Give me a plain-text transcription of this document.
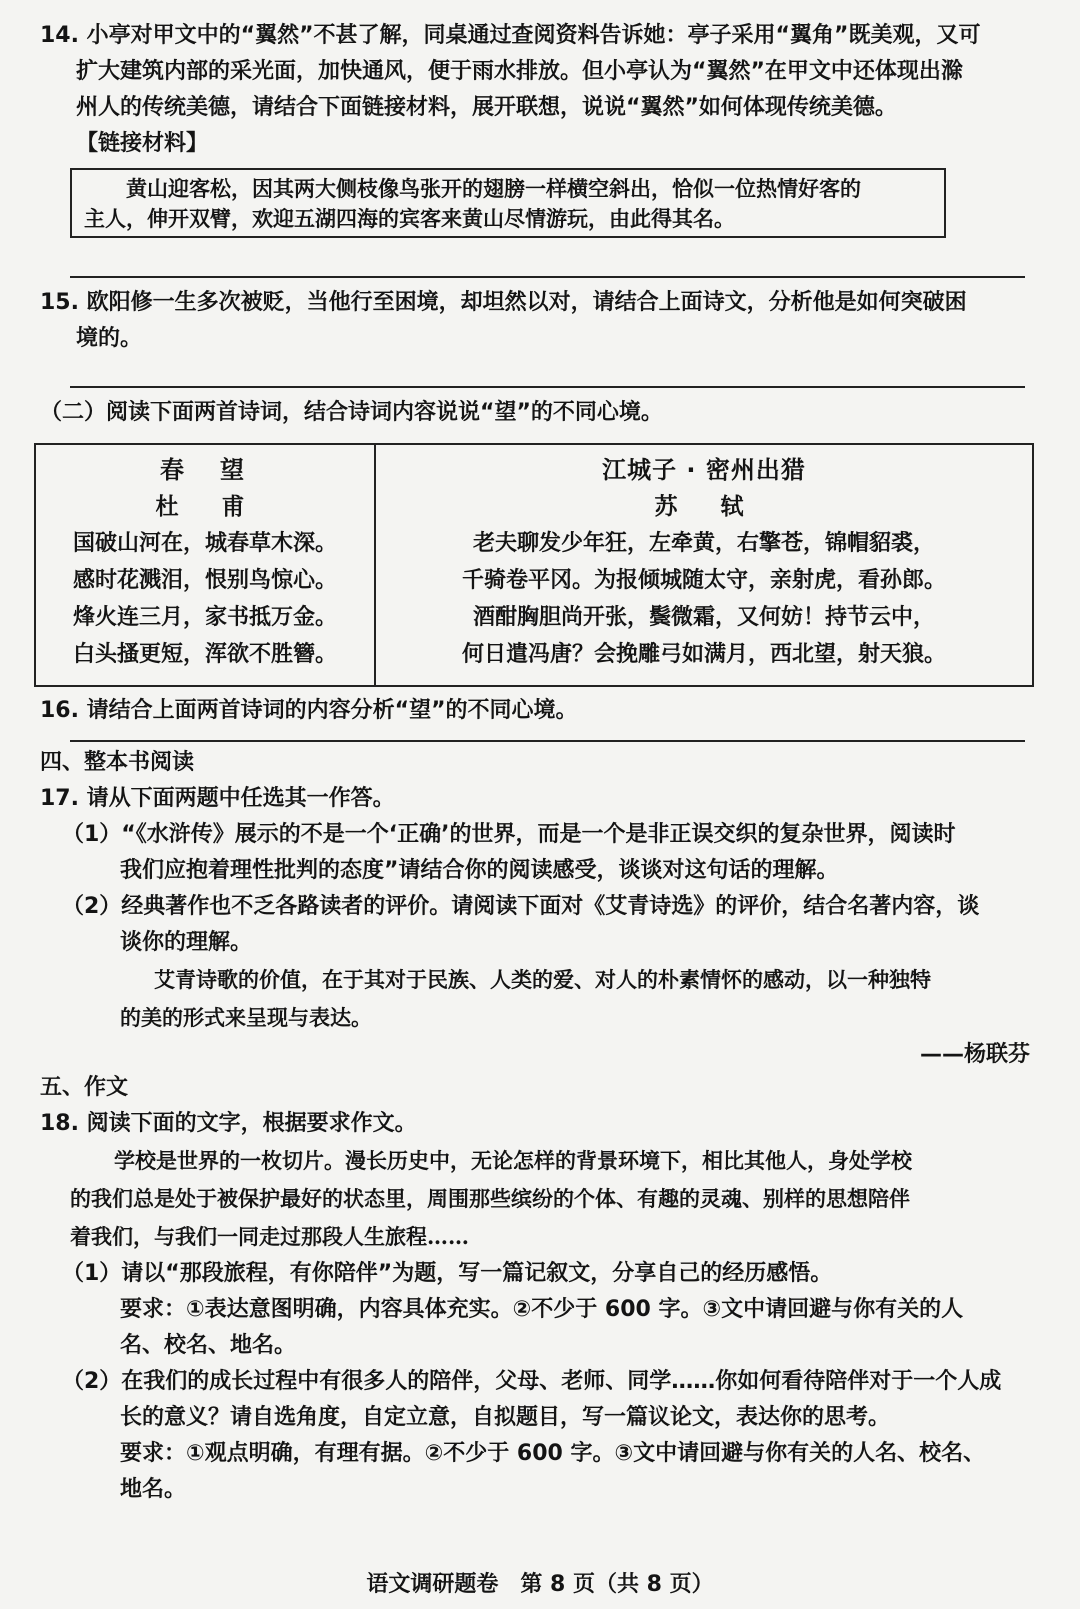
14. 小亭对甲文中的“翼然”不甚了解，同桌通过查阅资料告诉她：亭子采用“翼角”既美观，又可

扩大建筑内部的采光面，加快通风，便于雨水排放。但小亭认为“翼然”在甲文中还体现出滁

州人的传统美德，请结合下面链接材料，展开联想，说说“翼然”如何体现传统美德。

【链接材料】

黄山迎客松，因其两大侧枝像鸟张开的翅膀一样横空斜出，恰似一位热情好客的

主人，伸开双臂，欢迎五湖四海的宾客来黄山尽情游玩，由此得其名。

15. 欧阳修一生多次被贬，当他行至困境，却坦然以对，请结合上面诗文，分析他是如何突破困

境的。

（二）阅读下面两首诗词，结合诗词内容说说“望”的不同心境。

春　望
杜　甫
国破山河在，城春草木深。
感时花溅泪，恨别鸟惊心。
烽火连三月，家书抵万金。
白头搔更短，浑欲不胜簪。
江城子 · 密州出猎
苏　轼
老夫聊发少年狂，左牵黄，右擎苍，锦帽貂裘，
千骑卷平冈。为报倾城随太守，亲射虎，看孙郎。
酒酣胸胆尚开张，鬓微霜，又何妨！持节云中，
何日遣冯唐？会挽雕弓如满月，西北望，射天狼。

16. 请结合上面两首诗词的内容分析“望”的不同心境。

四、整本书阅读

17. 请从下面两题中任选其一作答。

（1）“《水浒传》展示的不是一个‘正确’的世界，而是一个是非正误交织的复杂世界，阅读时

我们应抱着理性批判的态度”请结合你的阅读感受，谈谈对这句话的理解。

（2）经典著作也不乏各路读者的评价。请阅读下面对《艾青诗选》的评价，结合名著内容，谈

谈你的理解。

艾青诗歌的价值，在于其对于民族、人类的爱、对人的朴素情怀的感动，以一种独特

的美的形式来呈现与表达。

——杨联芬

五、作文

18. 阅读下面的文字，根据要求作文。

学校是世界的一枚切片。漫长历史中，无论怎样的背景环境下，相比其他人，身处学校

的我们总是处于被保护最好的状态里，周围那些缤纷的个体、有趣的灵魂、别样的思想陪伴

着我们，与我们一同走过那段人生旅程……

（1）请以“那段旅程，有你陪伴”为题，写一篇记叙文，分享自己的经历感悟。

要求：①表达意图明确，内容具体充实。②不少于 600 字。③文中请回避与你有关的人

名、校名、地名。

（2）在我们的成长过程中有很多人的陪伴，父母、老师、同学……你如何看待陪伴对于一个人成

长的意义？请自选角度，自定立意，自拟题目，写一篇议论文，表达你的思考。

要求：①观点明确，有理有据。②不少于 600 字。③文中请回避与你有关的人名、校名、

地名。

语文调研题卷　第 8 页（共 8 页）
